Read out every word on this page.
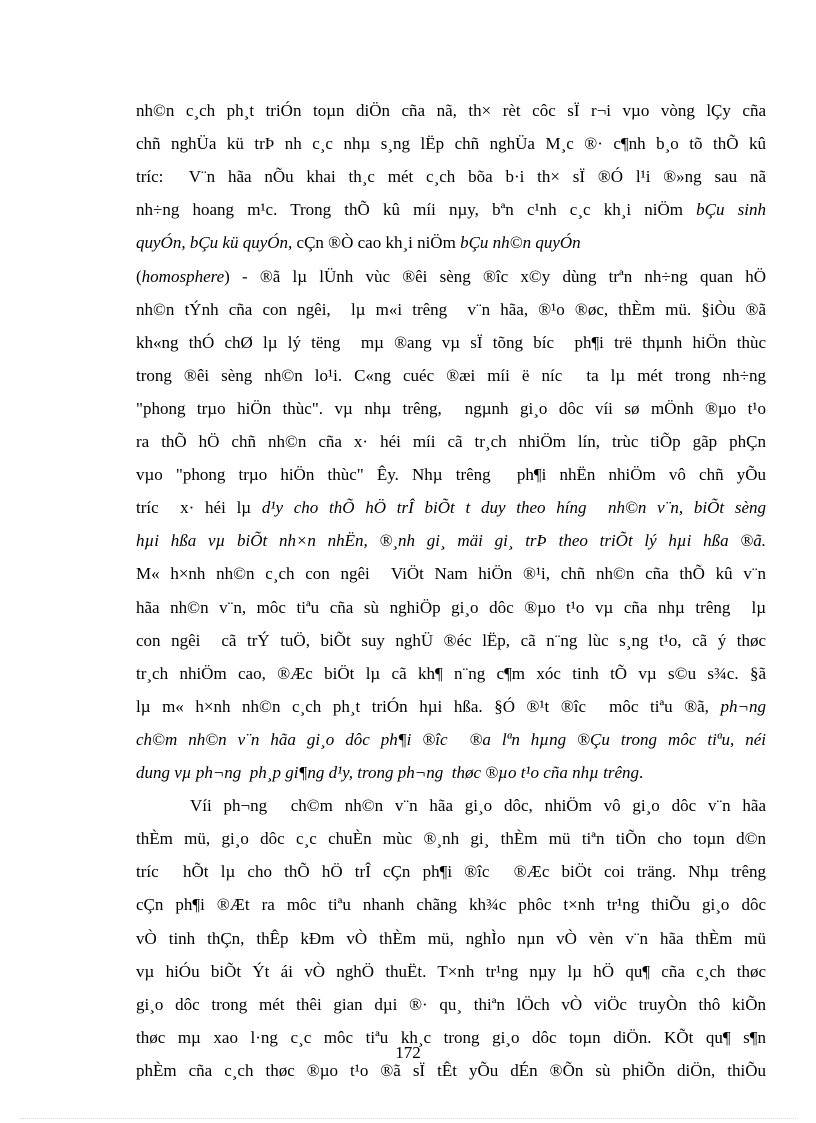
nh©n c¸ch ph¸t triÓn toµn diÖn cña nã, th× rèt côc sÏ r¬i vµo vòng lÇy cña
chñ nghÜa kü trÞ nh c¸c nhµ s¸ng lËp chñ nghÜa M¸c ®· c¶nh b¸o tõ thÕ kû
tríc:  V¨n hãa nÕu khai th¸c mét c¸ch bõa b·i th× sÏ ®Ó l¹i ®»ng sau nã
nh÷ng hoang m¹c. Trong thÕ kû míi nµy, bªn c¹nh c¸c kh¸i niÖm bÇu sinh
quyÓn, bÇu kü quyÓn, cÇn ®Ò cao kh¸i niÖm bÇu nh©n quyÓn
(homosphere) - ®ã lµ lÜnh vùc ®êi sèng ®îc x©y dùng trªn nh÷ng quan hÖ
nh©n tÝnh cña con ngêi,  lµ m«i trêng  v¨n hãa, ®¹o ®øc, thÈm mü. §iÒu ®ã
kh«ng thÓ chØ lµ lý tëng  mµ ®ang vµ sÏ tõng bíc  ph¶i trë thµnh hiÖn thùc
trong ®êi sèng nh©n lo¹i. C«ng cuéc ®æi míi ë níc  ta lµ mét trong nh÷ng
"phong trµo hiÖn thùc". vµ nhµ trêng,  ngµnh gi¸o dôc víi sø mÖnh ®µo t¹o
ra thÕ hÖ chñ nh©n cña x· héi míi cã tr¸ch nhiÖm lín, trùc tiÕp gãp phÇn
vµo "phong trµo hiÖn thùc" Êy. Nhµ trêng  ph¶i nhËn nhiÖm vô chñ yÕu
tríc  x· héi lµ d¹y cho thÕ hÖ trÎ biÕt t duy theo híng  nh©n v¨n, biÕt sèng
hµi hßa vµ biÕt nh×n nhËn, ®¸nh gi¸ mäi gi¸ trÞ theo triÕt lý hµi hßa ®ã.
M« h×nh nh©n c¸ch con ngêi  ViÖt Nam hiÖn ®¹i, chñ nh©n cña thÕ kû v¨n
hãa nh©n v¨n, môc tiªu cña sù nghiÖp gi¸o dôc ®µo t¹o vµ cña nhµ trêng  lµ
con ngêi  cã trÝ tuÖ, biÕt suy nghÜ ®éc lËp, cã n¨ng lùc s¸ng t¹o, cã ý thøc
tr¸ch nhiÖm cao, ®Æc biÖt lµ cã kh¶ n¨ng c¶m xóc tinh tÕ vµ s©u s¾c. §ã
lµ m« h×nh nh©n c¸ch ph¸t triÓn hµi hßa. §Ó ®¹t ®îc  môc tiªu ®ã, ph¬ng
ch©m nh©n v¨n hãa gi¸o dôc ph¶i ®îc  ®a lªn hµng ®Çu trong môc tiªu, néi
dung vµ ph¬ng  ph¸p gi¶ng d¹y, trong ph¬ng  thøc ®µo t¹o cña nhµ trêng.
Víi ph¬ng  ch©m nh©n v¨n hãa gi¸o dôc, nhiÖm vô gi¸o dôc v¨n hãa
thÈm mü, gi¸o dôc c¸c chuÈn mùc ®¸nh gi¸ thÈm mü tiªn tiÕn cho toµn d©n
tríc  hÕt lµ cho thÕ hÖ trÎ cÇn ph¶i ®îc  ®Æc biÖt coi träng. Nhµ trêng
cÇn ph¶i ®Æt ra môc tiªu nhanh chãng kh¾c phôc t×nh tr¹ng thiÕu gi¸o dôc
vÒ tinh thÇn, thÊp kÐm vÒ thÈm mü, nghÌo nµn vÒ vèn v¨n hãa thÈm mü
vµ hiÓu biÕt Ýt ái vÒ nghÖ thuËt. T×nh tr¹ng nµy lµ hÖ qu¶ cña c¸ch thøc
gi¸o dôc trong mét thêi gian dµi ®· qu¸ thiªn lÖch vÒ viÖc truyÒn thô kiÕn
thøc mµ xao l·ng c¸c môc tiªu kh¸c trong gi¸o dôc toµn diÖn. KÕt qu¶ s¶n
phÈm cña c¸ch thøc ®µo t¹o ®ã sÏ tÊt yÕu dÉn ®Õn sù phiÕn diÖn, thiÕu
172
